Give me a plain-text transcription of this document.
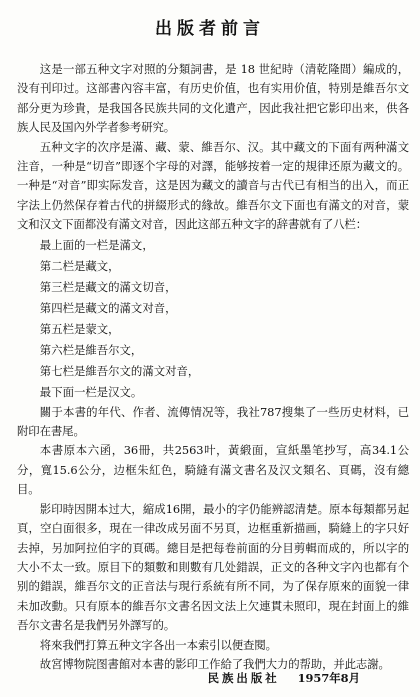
出版者前言

这是一部五种文字对照的分類詞書，是 18 世紀時（清乾隆間）編成的，没有刊印过。这部書內容丰富，有历史价值，也有实用价值，特別是維吾尔文部分更为珍貴，是我国各民族共同的文化遺产，因此我社把它影印出来，供各族人民及国內外学者参考研究。

五种文字的次序是滿、藏、蒙、維吾尔、汉。其中藏文的下面有两种滿文注音，一种是“切音”即逐个字母的对譯，能够按着一定的規律还原为藏文的。一种是“对音”即实际发音，这是因为藏文的讀音与古代已有相当的出入，而正字法上仍然保存着古代的拼綴形式的緣故。維吾尔文下面也有滿文的对音，蒙文和汉文下面都没有滿文对音，因此这部五种文字的辞書就有了八栏：

最上面的一栏是滿文，
第二栏是藏文，
第三栏是藏文的滿文切音，
第四栏是藏文的滿文对音，
第五栏是蒙文，
第六栏是維吾尔文，
第七栏是維吾尔文的滿文对音，
最下面一栏是汉文。

關于本書的年代、作者、流傳情况等，我社787搜集了一些历史材料，已附印在書尾。

本書原本六函，36冊，共2563叶，黃緞面，宣紙墨笔抄写，高34.1公分，寬15.6公分，边框朱紅色，騎縫有滿文書名及汉文類名、頁碼，沒有總目。

影印時因開本过大，縮成16開，最小的字仍能辨認清楚。原本每類都另起頁，空白面很多，現在一律改成另面不另頁，边框重新描画，騎縫上的字只好去掉，另加阿拉伯字的頁碼。總目是把每卷前面的分目剪輯而成的，所以字的大小不太一致。原目下的類數和則數有几处錯誤，正文的各种文字內也都有个别的錯誤，維吾尔文的正音法与現行系統有所不同，为了保存原來的面貌一律未加改動。只有原本的維吾尔文書名因文法上欠連貫未照印，現在封面上的維吾尔文書名是我們另外譯写的。

将來我們打算五种文字各出一本索引以便查閱。

故宮博物院图書館对本書的影印工作給了我們大力的帮助，并此志謝。

民族出版社 1957年8月
